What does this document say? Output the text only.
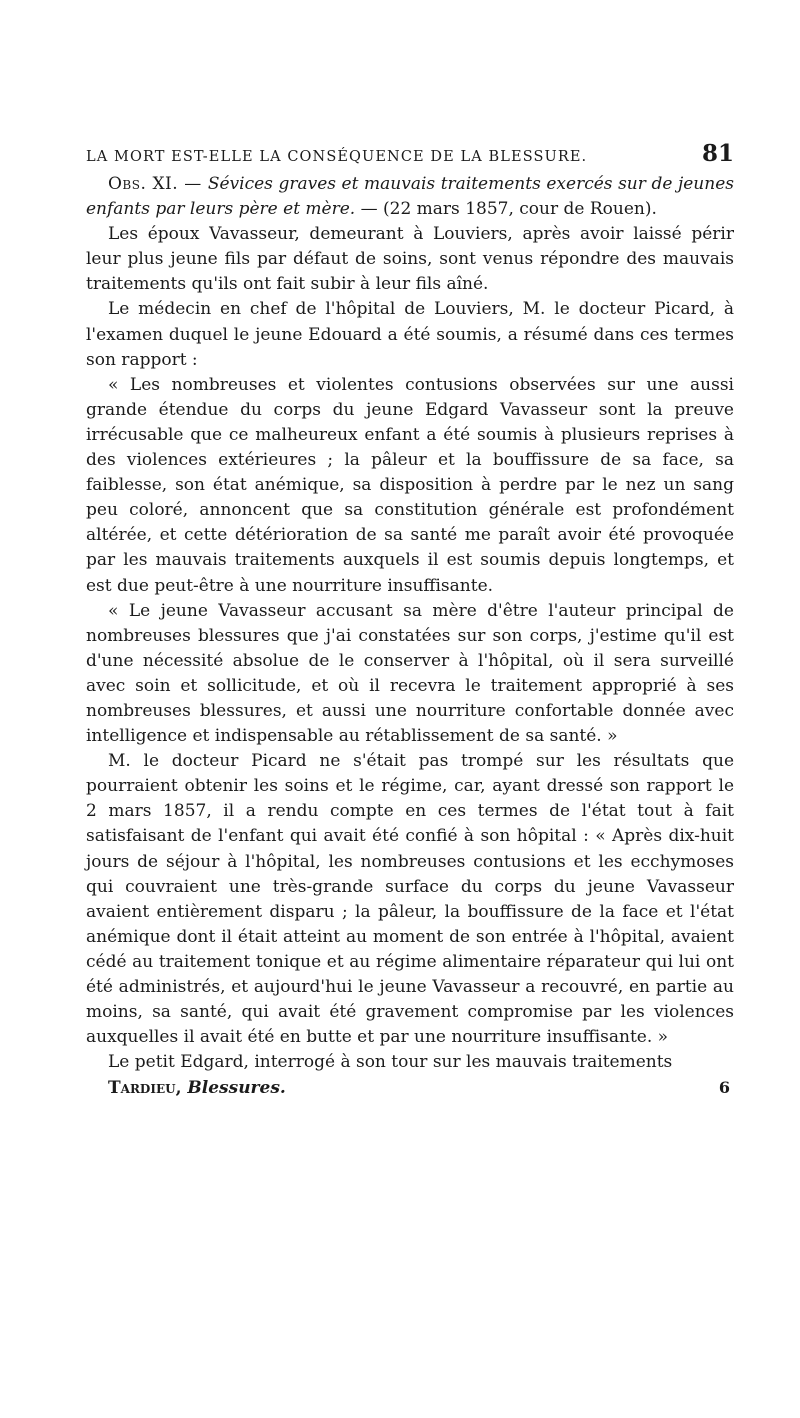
LA MORT EST-ELLE LA CONSÉQUENCE DE LA BLESSURE.	81

Obs. XI. — Sévices graves et mauvais traitements exercés sur de jeunes enfants par leurs père et mère. — (22 mars 1857, cour de Rouen).

Les époux Vavasseur, demeurant à Louviers, après avoir laissé périr leur plus jeune fils par défaut de soins, sont venus répondre des mauvais traitements qu'ils ont fait subir à leur fils aîné.

Le médecin en chef de l'hôpital de Louviers, M. le docteur Picard, à l'examen duquel le jeune Edouard a été soumis, a résumé dans ces termes son rapport :

« Les nombreuses et violentes contusions observées sur une aussi grande étendue du corps du jeune Edgard Vavasseur sont la preuve irrécusable que ce malheureux enfant a été soumis à plusieurs reprises à des violences extérieures ; la pâleur et la bouffissure de sa face, sa faiblesse, son état anémique, sa disposition à perdre par le nez un sang peu coloré, annoncent que sa constitution générale est profondément altérée, et cette détérioration de sa santé me paraît avoir été provoquée par les mauvais traitements auxquels il est soumis depuis longtemps, et est due peut-être à une nourriture insuffisante.

« Le jeune Vavasseur accusant sa mère d'être l'auteur principal de nombreuses blessures que j'ai constatées sur son corps, j'estime qu'il est d'une nécessité absolue de le conserver à l'hôpital, où il sera surveillé avec soin et sollicitude, et où il recevra le traitement approprié à ses nombreuses blessures, et aussi une nourriture confortable donnée avec intelligence et indispensable au rétablissement de sa santé. »

M. le docteur Picard ne s'était pas trompé sur les résultats que pourraient obtenir les soins et le régime, car, ayant dressé son rapport le 2 mars 1857, il a rendu compte en ces termes de l'état tout à fait satisfaisant de l'enfant qui avait été confié à son hôpital : « Après dix-huit jours de séjour à l'hôpital, les nombreuses contusions et les ecchymoses qui couvraient une très-grande surface du corps du jeune Vavasseur avaient entièrement disparu ; la pâleur, la bouffissure de la face et l'état anémique dont il était atteint au moment de son entrée à l'hôpital, avaient cédé au traitement tonique et au régime alimentaire réparateur qui lui ont été administrés, et aujourd'hui le jeune Vavasseur a recouvré, en partie au moins, sa santé, qui avait été gravement compromise par les violences auxquelles il avait été en butte et par une nourriture insuffisante. »

Le petit Edgard, interrogé à son tour sur les mauvais traitements

Tardieu, Blessures.	6
